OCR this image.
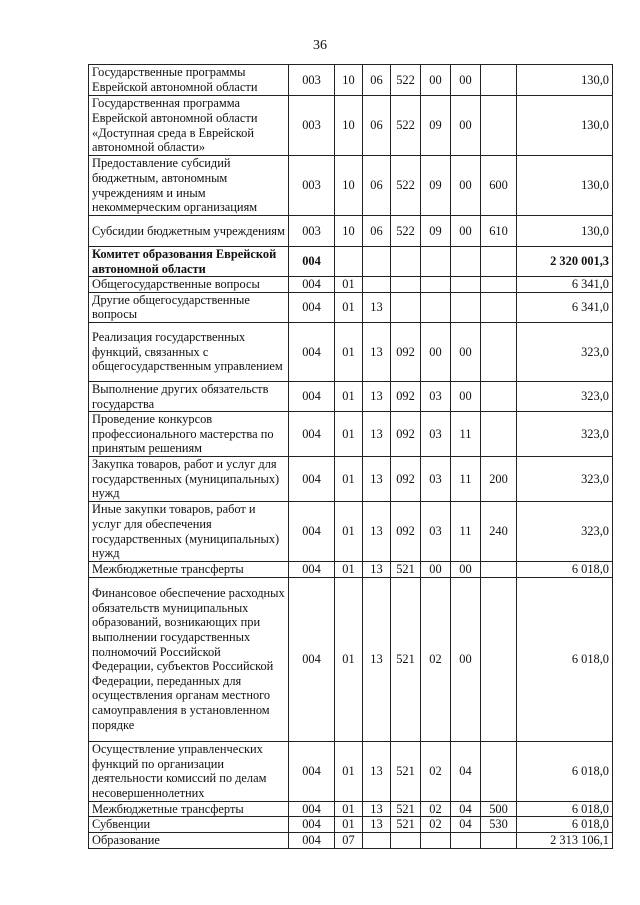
36
Государственные программы Еврейской автономной области	003	10	06	522	00	00		130,0
Государственная программа Еврейской автономной области «Доступная среда в Еврейской автономной области»	003	10	06	522	09	00		130,0
Предоставление субсидий бюджетным, автономным учреждениям и иным некоммерческим организациям	003	10	06	522	09	00	600	130,0
Субсидии бюджетным учреждениям	003	10	06	522	09	00	610	130,0
Комитет образования Еврейской автономной области	004							2 320 001,3
Общегосударственные вопросы	004	01						6 341,0
Другие общегосударственные вопросы	004	01	13					6 341,0
Реализация государственных функций, связанных с общегосударственным управлением	004	01	13	092	00	00		323,0
Выполнение других обязательств государства	004	01	13	092	03	00		323,0
Проведение конкурсов профессионального мастерства по принятым решениям	004	01	13	092	03	11		323,0
Закупка товаров, работ и услуг для государственных (муниципальных) нужд	004	01	13	092	03	11	200	323,0
Иные закупки товаров, работ и услуг для обеспечения государственных (муниципальных) нужд	004	01	13	092	03	11	240	323,0
Межбюджетные трансферты	004	01	13	521	00	00		6 018,0
Финансовое обеспечение расходных обязательств муниципальных образований, возникающих при выполнении государственных полномочий Российской Федерации, субъектов Российской Федерации, переданных для осуществления органам местного самоуправления в установленном порядке	004	01	13	521	02	00		6 018,0
Осуществление управленческих функций по организации деятельности комиссий по делам несовершеннолетних	004	01	13	521	02	04		6 018,0
Межбюджетные трансферты	004	01	13	521	02	04	500	6 018,0
Субвенции	004	01	13	521	02	04	530	6 018,0
Образование	004	07						2 313 106,1
